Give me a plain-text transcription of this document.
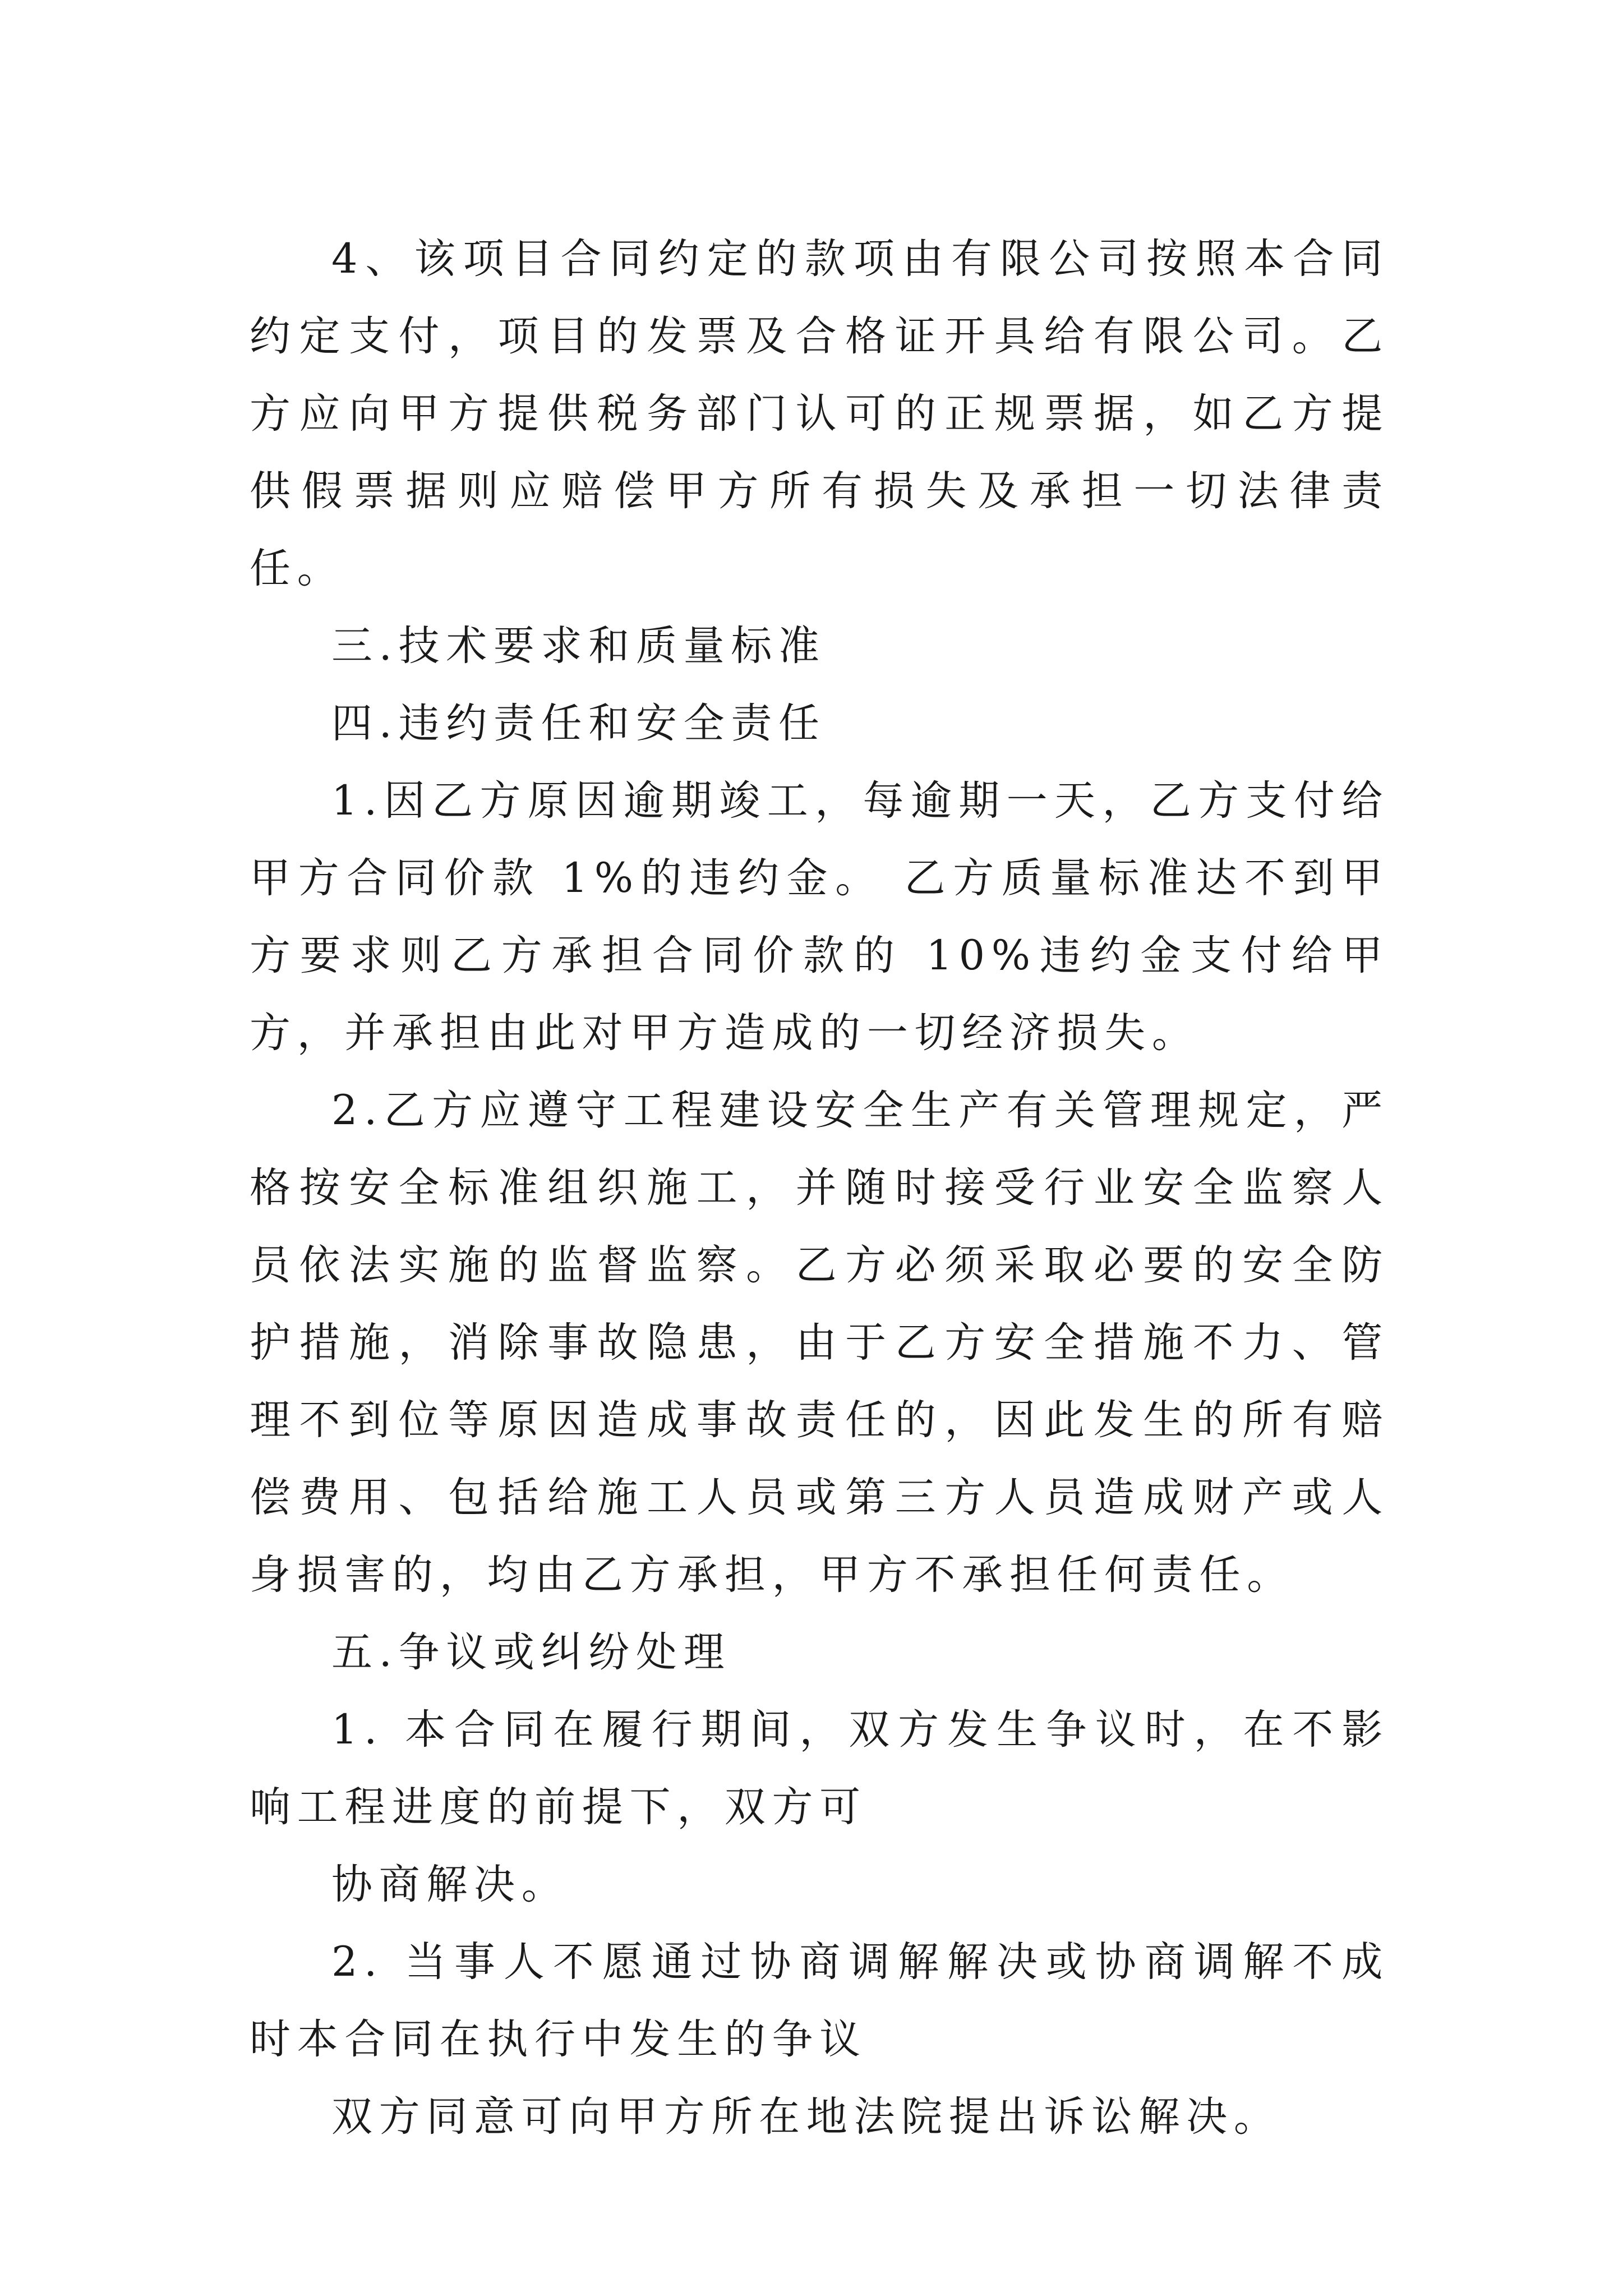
4、该项目合同约定的款项由有限公司按照本合同约定支付，项目的发票及合格证开具给有限公司。乙方应向甲方提供税务部门认可的正规票据，如乙方提供假票据则应赔偿甲方所有损失及承担一切法律责任。

三.技术要求和质量标准

四.违约责任和安全责任

1.因乙方原因逾期竣工，每逾期一天，乙方支付给甲方合同价款 1%的违约金。 乙方质量标准达不到甲方要求则乙方承担合同价款的 10%违约金支付给甲方，并承担由此对甲方造成的一切经济损失。

2.乙方应遵守工程建设安全生产有关管理规定，严格按安全标准组织施工，并随时接受行业安全监察人员依法实施的监督监察。乙方必须采取必要的安全防护措施，消除事故隐患，由于乙方安全措施不力、管理不到位等原因造成事故责任的，因此发生的所有赔偿费用、包括给施工人员或第三方人员造成财产或人身损害的，均由乙方承担，甲方不承担任何责任。

五.争议或纠纷处理

1. 本合同在履行期间，双方发生争议时，在不影响工程进度的前提下，双方可

协商解决。

2. 当事人不愿通过协商调解解决或协商调解不成时本合同在执行中发生的争议

双方同意可向甲方所在地法院提出诉讼解决。
